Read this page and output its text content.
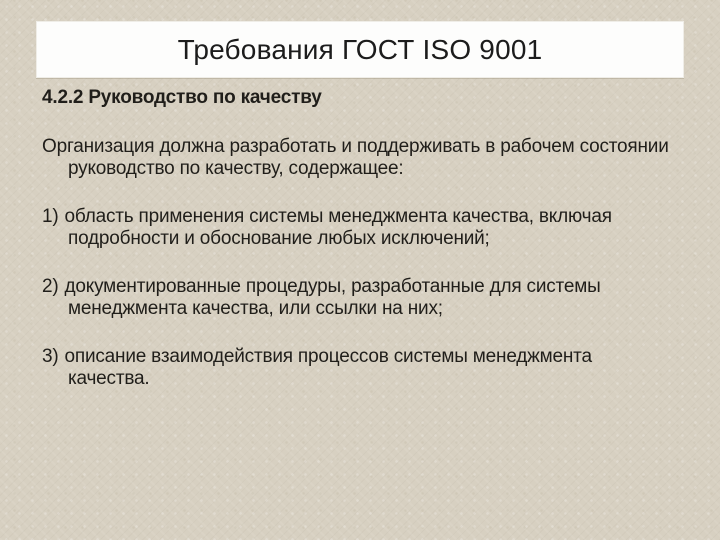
Требования ГОСТ ISO 9001
4.2.2 Руководство по качеству

Организация должна разработать и поддерживать в рабочем состоянии руководство по качеству, содержащее:

1) область применения системы менеджмента качества, включая подробности и обоснование любых исключений;

2) документированные процедуры, разработанные для системы менеджмента качества, или ссылки на них;

3) описание взаимодействия процессов системы менеджмента качества.
